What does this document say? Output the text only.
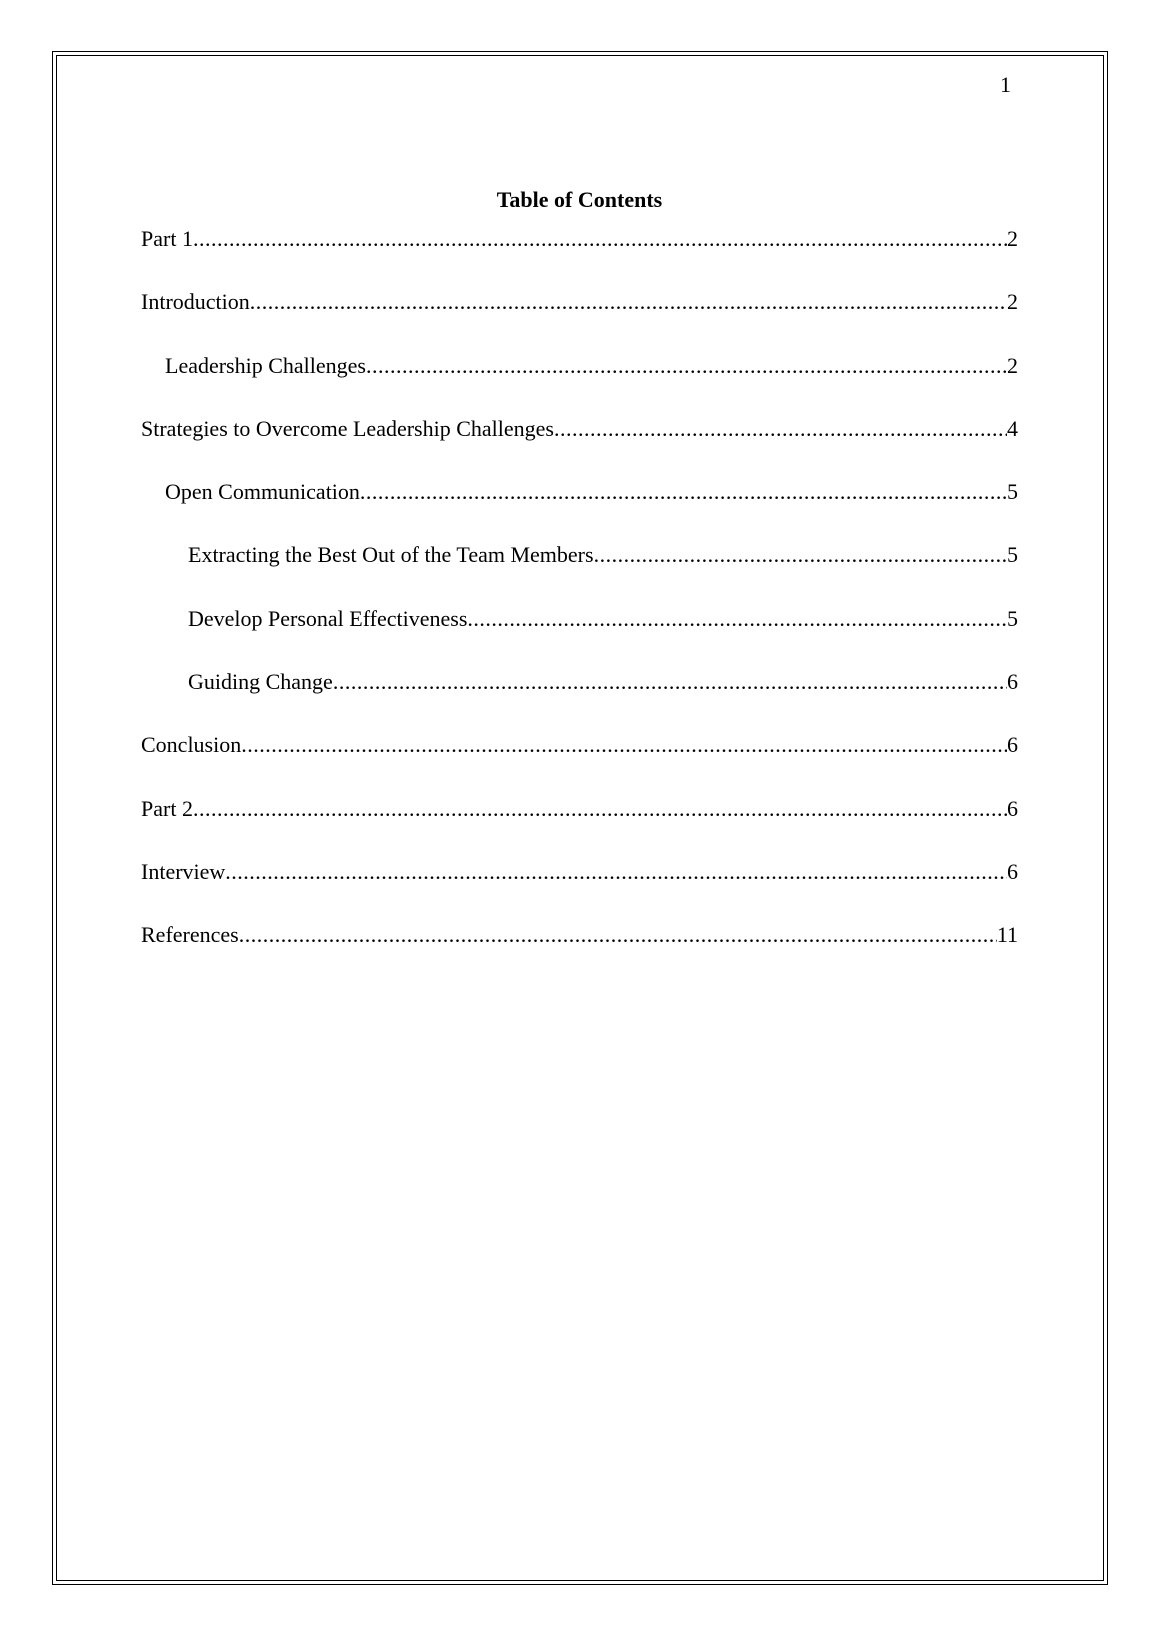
1
Table of Contents
Part 1 .....	2
Introduction .....	2
Leadership Challenges .....	2
Strategies to Overcome Leadership Challenges .....	4
Open Communication .....	5
Extracting the Best Out of the Team Members .....	5
Develop Personal Effectiveness .....	5
Guiding Change .....	6
Conclusion .....	6
Part 2 .....	6
Interview .....	6
References .....	11
